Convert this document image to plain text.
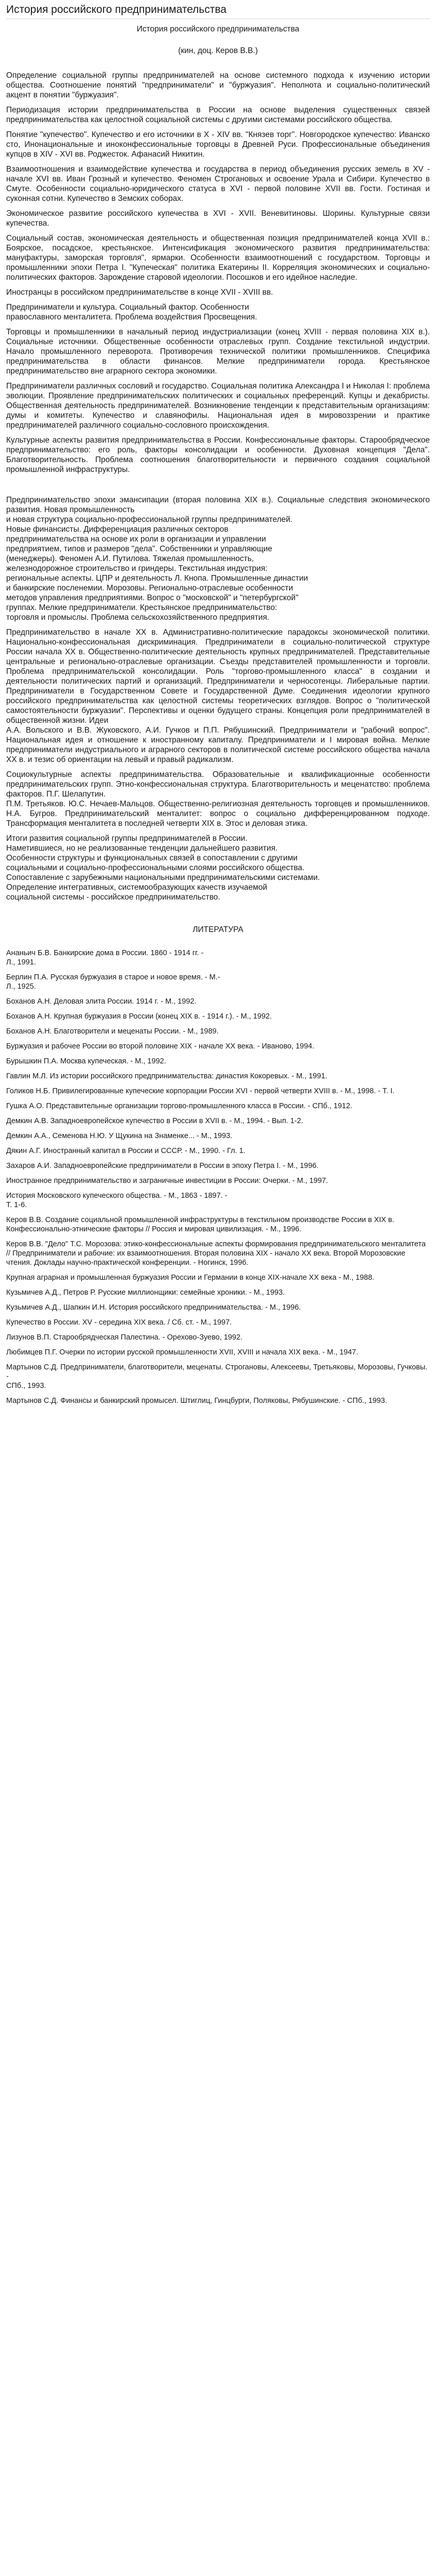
История российского предпринимательства
История российского предпринимательства
(кин, доц. Керов В.В.)

Определение социальной группы предпринимателей на основе системного подхода к изучению истории общества. Соотношение понятий "предприниматели" и "буржуазия". Неполнота и социально-политический акцент в понятии "буржуазия".

Периодизация истории предпринимательства в России на основе выделения существенных связей предпринимательства как целостной социальной системы с другими системами российского общества.

Понятие "купечество". Купечество и его источники в Х - XIV вв. "Князев торг". Новгородское купечество: Иванско сто, Инонациональные и иноконфессиональные торговцы в Древней Руси. Профессиональные объединения купцов в XIV - XVI вв. Роджесток. Афанасий Никитин.

Взаимоотношения и взаимодействие купечества и государства в период объединения русских земель в XV - начале XVI вв. Иван Грозный и купечество. Феномен Строгановых и освоение Урала и Сибири. Купечество в Смуте. Особенности социально-юридического статуса в XVI - первой половине XVII вв. Гости. Гостиная и суконная сотни. Купечество в Земских соборах.

Экономическое развитие российского купечества в XVI - XVII. Веневитиновы. Шорины. Культурные связи купечества.

Социальный состав, экономическая деятельность и общественная позиция предпринимателей конца XVII в.: Боярское, посадское, крестьянское. Интенсификация экономического развития предпринимательства: мануфактуры, заморская торговля", ярмарки. Особенности взаимоотношений с государством. Торговцы и промышленники эпохи Петра I. "Купеческая" политика Екатерины II. Корреляция экономических и социально-политических факторов. Зарождение старовой идеологии. Посошков и его идейное наследие.

Иностранцы в российском предпринимательстве в конце XVII - XVIII вв.

Предприниматели и культура. Социальный фактор. Особенности
православного менталитета. Проблема воздействия Просвещения.

Торговцы и промышленники в начальный период индустриализации (конец XVIII - первая половина XIX в.). Социальные источники. Общественные особенности отраслевых групп. Создание текстильной индустрии. Начало промышленного переворота. Противоречия технической политики промышленников. Специфика предпринимательства в области финансов. Мелкие предприниматели города. Крестьянское предпринимательство вне аграрного сектора экономики.

Предприниматели различных сословий и государство. Социальная политика Александра I и Николая I: проблема эволюции. Проявление предпринимательских политических и социальных преференций. Купцы и декабристы. Общественная деятельность предпринимателей. Возникновение тенденции к представительным организациям: думы и комитеты. Купечество и славянофилы. Национальная идея в мировоззрении и практике предпринимателей различного социально-сословного происхождения.

Культурные аспекты развития предпринимательства в России. Конфессиональные факторы. Старообрядческое предпринимательство: его роль, факторы консолидации и особенности. Духовная концепция "Дела". Благотворительность. Проблема соотношения благотворительности и первичного создания социальной промышленной инфраструктуры.

Предпринимательство эпохи эмансипации (вторая половина XIX в.). Социальные следствия экономического развития. Новая промышленность
и новая структура социально-профессиональной группы предпринимателей.
Новые финансисты. Дифференциация различных секторов
предпринимательства на основе их роли в организации и управлении
предприятием, типов и размеров "дела". Собственники и управляющие
(менеджеры). Феномен А.И. Путилова. Тяжелая промышленность,
железнодорожное строительство и гриндеры. Текстильная индустрия:
региональные аспекты. ЦПР и деятельность Л. Кнопа. Промышленные династии
и банкирские посленемии. Морозовы. Регионально-отраслевые особенности
методов управления предприятиями. Вопрос о "московской" и "петербургской"
группах. Мелкие предприниматели. Крестьянское предпринимательство:
торговля и промыслы. Проблема сельскохозяйственного предприятия.

Предпринимательство в начале XX в. Административно-политические парадоксы экономической политики. Национально-конфессиональная дискриминация. Предприниматели в социально-политической структуре России начала XX в. Общественно-политические деятельность крупных предпринимателей. Представительные центральные и регионально-отраслевые организации. Съезды представителей промышленности и торговли. Проблема предпринимательской консолидации. Роль "торгово-промышленного класса" в создании и деятельности политических партий и организаций. Предприниматели и черносотенцы. Либеральные партии. Предприниматели в Государственном Совете и Государственной Думе. Соединения идеологии крупного российского предпринимательства как целостной системы теоретических взглядов. Вопрос о "политической самостоятельности буржуазии". Перспективы и оценки будущего страны. Концепция роли предпринимателей в общественной жизни. Идеи
А.А. Вольского и В.В. Жуковского, А.И. Гучков и П.П. Рябушинский. Предприниматели и "рабочий вопрос". Национальная идея и отношение к иностранному капиталу. Предприниматели и I мировая война. Мелкие предприниматели индустриального и аграрного секторов в политической системе российского общества начала XX в. и тезис об ориентации на левый и правый радикализм.

Социокультурные аспекты предпринимательства. Образовательные и квалификационные особенности предпринимательских групп. Этно-конфессиональная структура. Благотворительность и меценатство: проблема факторов. П.Г. Шелапутин.
П.М. Третьяков. Ю.С. Нечаев-Мальцов. Общественно-религиозная деятельность торговцев и промышленников. Н.А. Бугров. Предпринимательский менталитет: вопрос о социально дифференцированном подходе. Трансформация менталитета в последней четверти XIX в. Этос и деловая этика.

Итоги развития социальной группы предпринимателей в России.
Наметившиеся, но не реализованные тенденции дальнейшего развития.
Особенности структуры и функциональных связей в сопоставлении с другими
социальными и социально-профессиональными слоями российского общества.
Сопоставление с зарубежными национальными предпринимательскими системами.
Определение интегративных, системообразующих качеств изучаемой
социальной системы - российское предпринимательство.

ЛИТЕРАТУРА

Ананьич Б.В. Банкирские дома в России. 1860 - 1914 гг. -
Л., 1991.

Берлин П.А. Русская буржуазия в старое и новое время. - М.-
Л., 1925.

Боханов А.Н. Деловая элита России. 1914 г. - М., 1992.

Боханов А.Н. Крупная буржуазия в России (конец XIX в. - 1914 г.). - М., 1992.

Боханов А.Н. Благотворители и меценаты России. - М., 1989.

Буржуазия и рабочее России во второй половине XIX - начале ХХ века. - Иваново, 1994.

Бурышкин П.А. Москва купеческая. - М., 1992.

Гавлин М.Л. Из истории российского предпринимательства: династия Кокоревых. - М., 1991.

Голиков Н.Б. Привилегированные купеческие корпорации России XVI - первой четверти XVIII в. - М., 1998. - Т. I.

Гушка А.О. Представительные организации торгово-промышленного класса в России. - СПб., 1912.

Демкин А.В. Западноевропейское купечество в России в XVII в. - М., 1994. - Вып. 1-2.

Демкин А.А., Семенова Н.Ю. У Щукина на Знаменке... - М., 1993.

Дякин А.Г. Иностранный капитал в России и СССР. - М., 1990. - Гл. 1.

Захаров А.И. Западноевропейские предприниматели в России в эпоху Петра I. - М., 1996.

Иностранное предпринимательство и заграничные инвестиции в России: Очерки. - М., 1997.

История Московского купеческого общества. - М., 1863 - 1897. -
Т. 1-6.

Керов В.В. Создание социальной промышленной инфраструктуры в текстильном производстве России в XIX в. Конфессионально-этнические факторы // Россия и мировая цивилизация. - М., 1996.

Керов В.В. "Дело" Т.С. Морозова: этико-конфессиональные аспекты формирования предпринимательского менталитета // Предприниматели и рабочие: их взаимоотношения. Вторая половина XIX - начало XX века. Второй Морозовские чтения. Доклады научно-практической конференции. - Ногинск, 1996.

Крупная аграрная и промышленная буржуазия России и Германии в конце XIX-начале XX века - М., 1988.

Кузьмичев А.Д., Петров Р. Русские миллионщики: семейные хроники. - М., 1993.

Кузьмичев А.Д., Шапкин И.Н. История российского предпринимательства. - М., 1996.

Купечество в России. XV - середина XIX века. / Сб. ст. - М., 1997.

Лизунов В.П. Старообрядческая Палестина. - Орехово-Зуево, 1992.

Любимцев П.Г. Очерки по истории русской промышленности XVII, XVIII и начала XIX века. - М., 1947.

Мартынов С.Д. Предприниматели, благотворители, меценаты. Строгановы, Алексеевы, Третьяковы, Морозовы, Гучковы. -
СПб., 1993.

Мартынов С.Д. Финансы и банкирский промысел. Штиглиц, Гинцбурги, Поляковы, Рябушинские. - СПб., 1993.
